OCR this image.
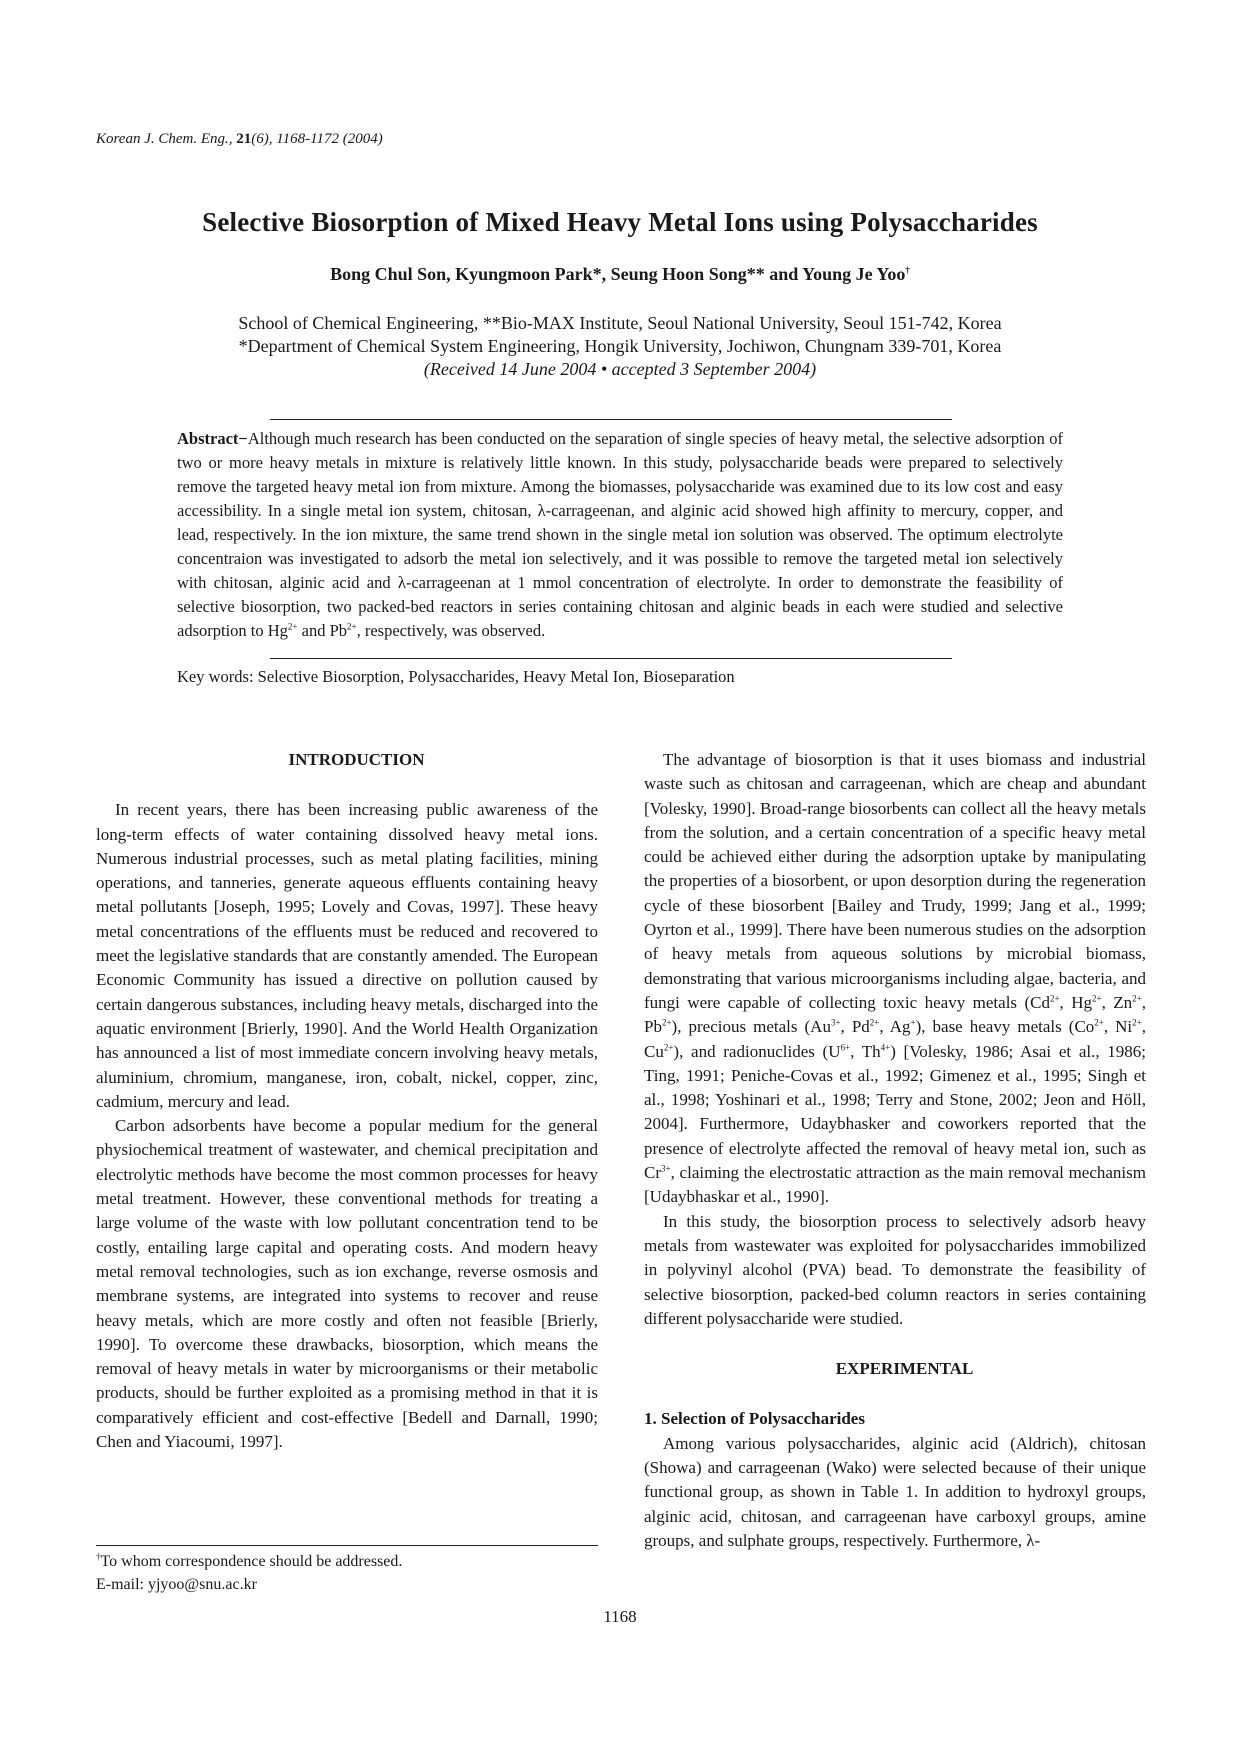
Korean J. Chem. Eng., 21(6), 1168-1172 (2004)
Selective Biosorption of Mixed Heavy Metal Ions using Polysaccharides
Bong Chul Son, Kyungmoon Park*, Seung Hoon Song** and Young Je Yoo†
School of Chemical Engineering, **Bio-MAX Institute, Seoul National University, Seoul 151-742, Korea
*Department of Chemical System Engineering, Hongik University, Jochiwon, Chungnam 339-701, Korea
(Received 14 June 2004 • accepted 3 September 2004)
Abstract−Although much research has been conducted on the separation of single species of heavy metal, the selective adsorption of two or more heavy metals in mixture is relatively little known. In this study, polysaccharide beads were prepared to selectively remove the targeted heavy metal ion from mixture. Among the biomasses, polysaccharide was examined due to its low cost and easy accessibility. In a single metal ion system, chitosan, λ-carrageenan, and alginic acid showed high affinity to mercury, copper, and lead, respectively. In the ion mixture, the same trend shown in the single metal ion solution was observed. The optimum electrolyte concentraion was investigated to adsorb the metal ion selectively, and it was possible to remove the targeted metal ion selectively with chitosan, alginic acid and λ-carrageenan at 1 mmol concentration of electrolyte. In order to demonstrate the feasibility of selective biosorption, two packed-bed reactors in series containing chitosan and alginic beads in each were studied and selective adsorption to $Hg^{2+}$ and $Pb^{2+}$, respectively, was observed.
Key words: Selective Biosorption, Polysaccharides, Heavy Metal Ion, Bioseparation

INTRODUCTION

In recent years, there has been increasing public awareness of the long-term effects of water containing dissolved heavy metal ions. Numerous industrial processes, such as metal plating facilities, mining operations, and tanneries, generate aqueous effluents containing heavy metal pollutants [Joseph, 1995; Lovely and Covas, 1997]. These heavy metal concentrations of the effluents must be reduced and recovered to meet the legislative standards that are constantly amended. The European Economic Community has issued a directive on pollution caused by certain dangerous substances, including heavy metals, discharged into the aquatic environment [Brierly, 1990]. And the World Health Organization has announced a list of most immediate concern involving heavy metals, aluminium, chromium, manganese, iron, cobalt, nickel, copper, zinc, cadmium, mercury and lead.

Carbon adsorbents have become a popular medium for the general physiochemical treatment of wastewater, and chemical precipitation and electrolytic methods have become the most common processes for heavy metal treatment. However, these conventional methods for treating a large volume of the waste with low pollutant concentration tend to be costly, entailing large capital and operating costs. And modern heavy metal removal technologies, such as ion exchange, reverse osmosis and membrane systems, are integrated into systems to recover and reuse heavy metals, which are more costly and often not feasible [Brierly, 1990]. To overcome these drawbacks, biosorption, which means the removal of heavy metals in water by microorganisms or their metabolic products, should be further exploited as a promising method in that it is comparatively efficient and cost-effective [Bedell and Darnall, 1990; Chen and Yiacoumi, 1997].

The advantage of biosorption is that it uses biomass and industrial waste such as chitosan and carrageenan, which are cheap and abundant [Volesky, 1990]. Broad-range biosorbents can collect all the heavy metals from the solution, and a certain concentration of a specific heavy metal could be achieved either during the adsorption uptake by manipulating the properties of a biosorbent, or upon desorption during the regeneration cycle of these biosorbent [Bailey and Trudy, 1999; Jang et al., 1999; Oyrton et al., 1999]. There have been numerous studies on the adsorption of heavy metals from aqueous solutions by microbial biomass, demonstrating that various microorganisms including algae, bacteria, and fungi were capable of collecting toxic heavy metals ($Cd^{2+}$, $Hg^{2+}$, $Zn^{2+}$, $Pb^{2+}$), precious metals ($Au^{3+}$, $Pd^{2+}$, Ag+), base heavy metals ($Co^{2+}$, $Ni^{2+}$, $Cu^{2+}$), and radionuclides ($U^{6+}$, $Th^{4+}$) [Volesky, 1986; Asai et al., 1986; Ting, 1991; Peniche-Covas et al., 1992; Gimenez et al., 1995; Singh et al., 1998; Yoshinari et al., 1998; Terry and Stone, 2002; Jeon and Höll, 2004]. Furthermore, Udaybhasker and coworkers reported that the presence of electrolyte affected the removal of heavy metal ion, such as $Cr^{3+}$, claiming the electrostatic attraction as the main removal mechanism [Udaybhaskar et al., 1990].

In this study, the biosorption process to selectively adsorb heavy metals from wastewater was exploited for polysaccharides immobilized in polyvinyl alcohol (PVA) bead. To demonstrate the feasibility of selective biosorption, packed-bed column reactors in series containing different polysaccharide were studied.

EXPERIMENTAL

1. Selection of Polysaccharides

Among various polysaccharides, alginic acid (Aldrich), chitosan (Showa) and carrageenan (Wako) were selected because of their unique functional group, as shown in Table 1. In addition to hydroxyl groups, alginic acid, chitosan, and carrageenan have carboxyl groups, amine groups, and sulphate groups, respectively. Furthermore, λ-

†To whom correspondence should be addressed.
E-mail: yjyoo@snu.ac.kr
1168
